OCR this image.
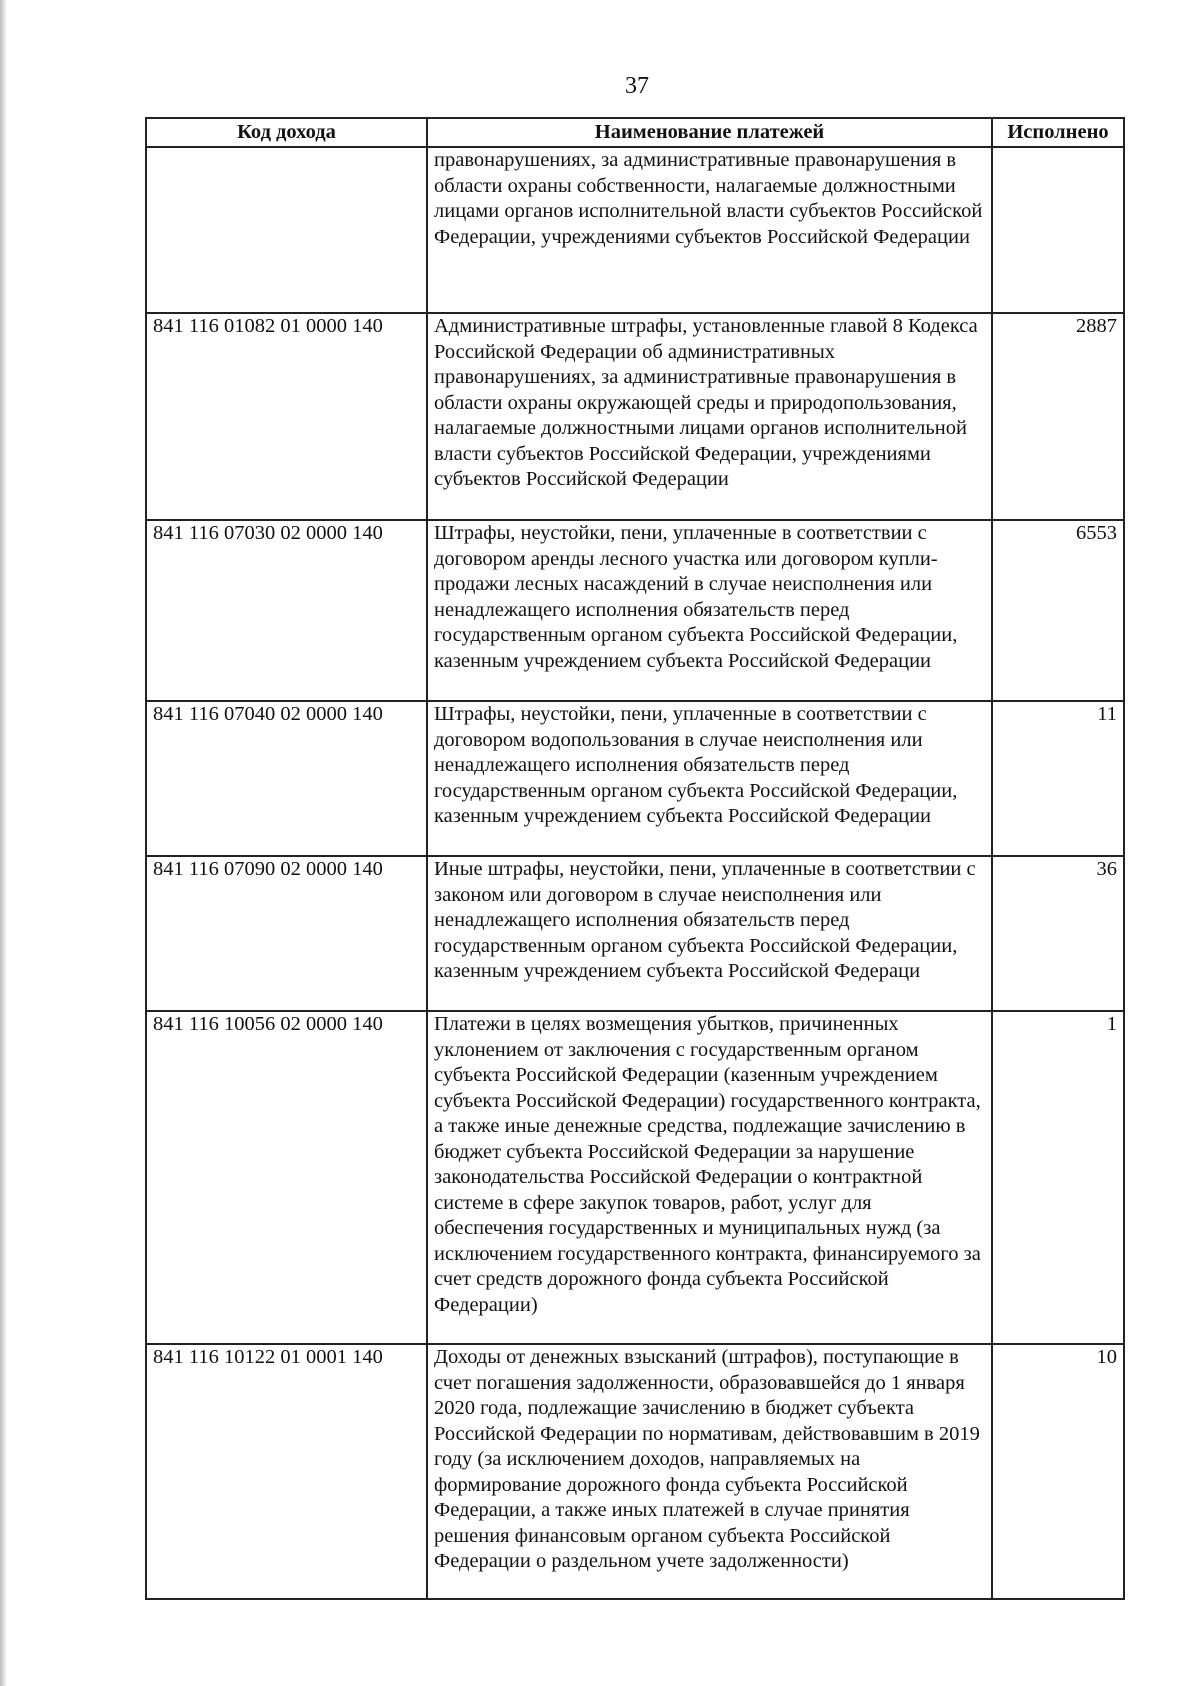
37
Код дохода	Наименование платежей	Исполнено
	правонарушениях, за административные правонарушения в области охраны собственности, налагаемые должностными лицами органов исполнительной власти субъектов Российской Федерации, учреждениями субъектов Российской Федерации	
841 116 01082 01 0000 140	Административные штрафы, установленные главой 8 Кодекса Российской Федерации об административных правонарушениях, за административные правонарушения в области охраны окружающей среды и природопользования, налагаемые должностными лицами органов исполнительной власти субъектов Российской Федерации, учреждениями субъектов Российской Федерации	2887
841 116 07030 02 0000 140	Штрафы, неустойки, пени, уплаченные в соответствии с договором аренды лесного участка или договором купли-продажи лесных насаждений в случае неисполнения или ненадлежащего исполнения обязательств перед государственным органом субъекта Российской Федерации, казенным учреждением субъекта Российской Федерации	6553
841 116 07040 02 0000 140	Штрафы, неустойки, пени, уплаченные в соответствии с договором водопользования в случае неисполнения или ненадлежащего исполнения обязательств перед государственным органом субъекта Российской Федерации, казенным учреждением субъекта Российской Федерации	11
841 116 07090 02 0000 140	Иные штрафы, неустойки, пени, уплаченные в соответствии с законом или договором в случае неисполнения или ненадлежащего исполнения обязательств перед государственным органом субъекта Российской Федерации, казенным учреждением субъекта Российской Федераци	36
841 116 10056 02 0000 140	Платежи в целях возмещения убытков, причиненных уклонением от заключения с государственным органом субъекта Российской Федерации (казенным учреждением субъекта Российской Федерации) государственного контракта, а также иные денежные средства, подлежащие зачислению в бюджет субъекта Российской Федерации за нарушение законодательства Российской Федерации о контрактной системе в сфере закупок товаров, работ, услуг для обеспечения государственных и муниципальных нужд (за исключением государственного контракта, финансируемого за счет средств дорожного фонда субъекта Российской Федерации)	1
841 116 10122 01 0001 140	Доходы от денежных взысканий (штрафов), поступающие в счет погашения задолженности, образовавшейся до 1 января 2020 года, подлежащие зачислению в бюджет субъекта Российской Федерации по нормативам, действовавшим в 2019 году (за исключением доходов, направляемых на формирование дорожного фонда субъекта Российской Федерации, а также иных платежей в случае принятия решения финансовым органом субъекта Российской Федерации о раздельном учете задолженности)	10
